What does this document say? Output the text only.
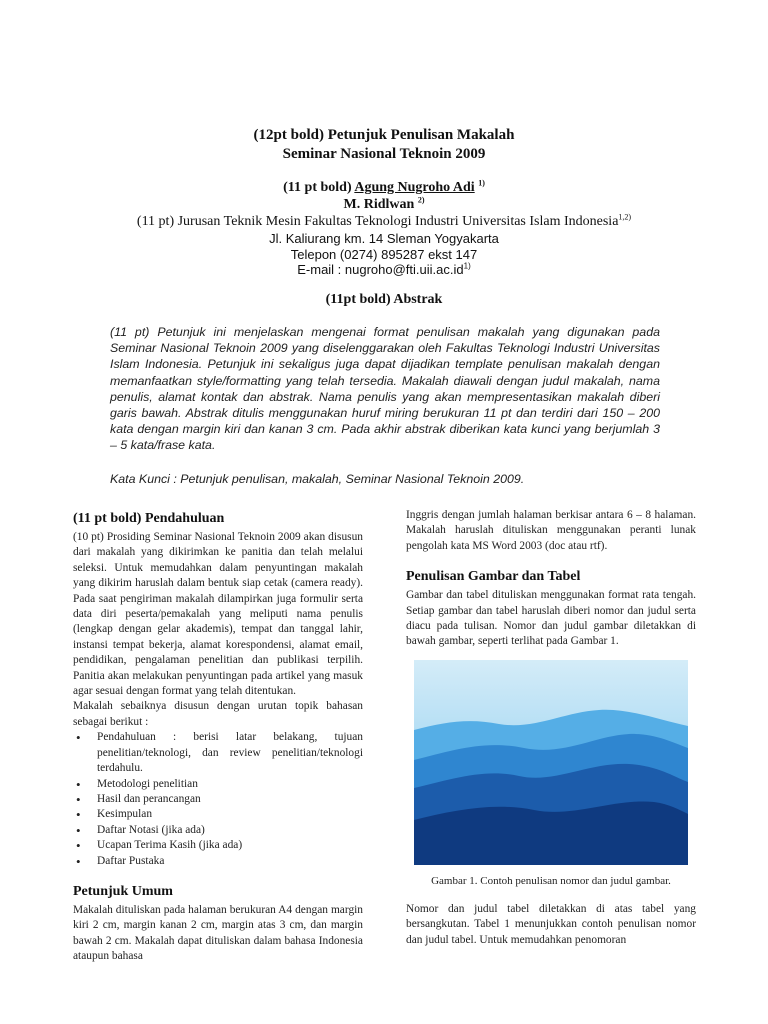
(12pt bold) Petunjuk Penulisan Makalah
Seminar Nasional Teknoin 2009
(11 pt bold) Agung Nugroho Adi $^{1)}$
M. Ridlwan $^{2)}$
(11 pt) Jurusan Teknik Mesin Fakultas Teknologi Industri Universitas Islam Indonesia$^{1,2)}$
Jl. Kaliurang km. 14 Sleman Yogyakarta
Telepon (0274) 895287 ekst 147
E-mail : $nugroho@fti.uii.ac.id^{1)}$
(11pt bold) Abstrak
(11 pt) Petunjuk ini menjelaskan mengenai format penulisan makalah yang digunakan pada Seminar Nasional Teknoin 2009 yang diselenggarakan oleh Fakultas Teknologi Industri Universitas Islam Indonesia. Petunjuk ini sekaligus juga dapat dijadikan template penulisan makalah dengan memanfaatkan style/formatting yang telah tersedia. Makalah diawali dengan judul makalah, nama penulis, alamat kontak dan abstrak. Nama penulis yang akan mempresentasikan makalah diberi garis bawah. Abstrak ditulis menggunakan huruf miring berukuran 11 pt dan terdiri dari 150 – 200 kata dengan margin kiri dan kanan 3 cm. Pada akhir abstrak diberikan kata kunci yang berjumlah 3 – 5 kata/frase kata.
Kata Kunci : Petunjuk penulisan, makalah, Seminar Nasional Teknoin 2009.

(11 pt bold) Pendahuluan

(10 pt) Prosiding Seminar Nasional Teknoin 2009 akan disusun dari makalah yang dikirimkan ke panitia dan telah melalui seleksi. Untuk memudahkan dalam penyuntingan makalah yang dikirim haruslah dalam bentuk siap cetak (camera ready). Pada saat pengiriman makalah dilampirkan juga formulir serta data diri peserta/pemakalah yang meliputi nama penulis (lengkap dengan gelar akademis), tempat dan tanggal lahir, instansi tempat bekerja, alamat korespondensi, alamat email, pendidikan, pengalaman penelitian dan publikasi terpilih. Panitia akan melakukan penyuntingan pada artikel yang masuk agar sesuai dengan format yang telah ditentukan.

Makalah sebaiknya disusun dengan urutan topik bahasan sebagai berikut :

• Pendahuluan : berisi latar belakang, tujuan penelitian/teknologi, dan review penelitian/teknologi terdahulu.
• Metodologi penelitian
• Hasil dan perancangan
• Kesimpulan
• Daftar Notasi (jika ada)
• Ucapan Terima Kasih (jika ada)
• Daftar Pustaka

Petunjuk Umum

Makalah dituliskan pada halaman berukuran A4 dengan margin kiri 2 cm, margin kanan 2 cm, margin atas 3 cm, dan margin bawah 2 cm. Makalah dapat dituliskan dalam bahasa Indonesia ataupun bahasa

Inggris dengan jumlah halaman berkisar antara 6 – 8 halaman. Makalah haruslah dituliskan menggunakan peranti lunak pengolah kata MS Word 2003 (doc atau rtf).

Penulisan Gambar dan Tabel

Gambar dan tabel dituliskan menggunakan format rata tengah. Setiap gambar dan tabel haruslah diberi nomor dan judul serta diacu pada tulisan. Nomor dan judul gambar diletakkan di bawah gambar, seperti terlihat pada Gambar 1.

Gambar 1. Contoh penulisan nomor dan judul gambar.

Nomor dan judul tabel diletakkan di atas tabel yang bersangkutan. Tabel 1 menunjukkan contoh penulisan nomor dan judul tabel. Untuk memudahkan penomoran
